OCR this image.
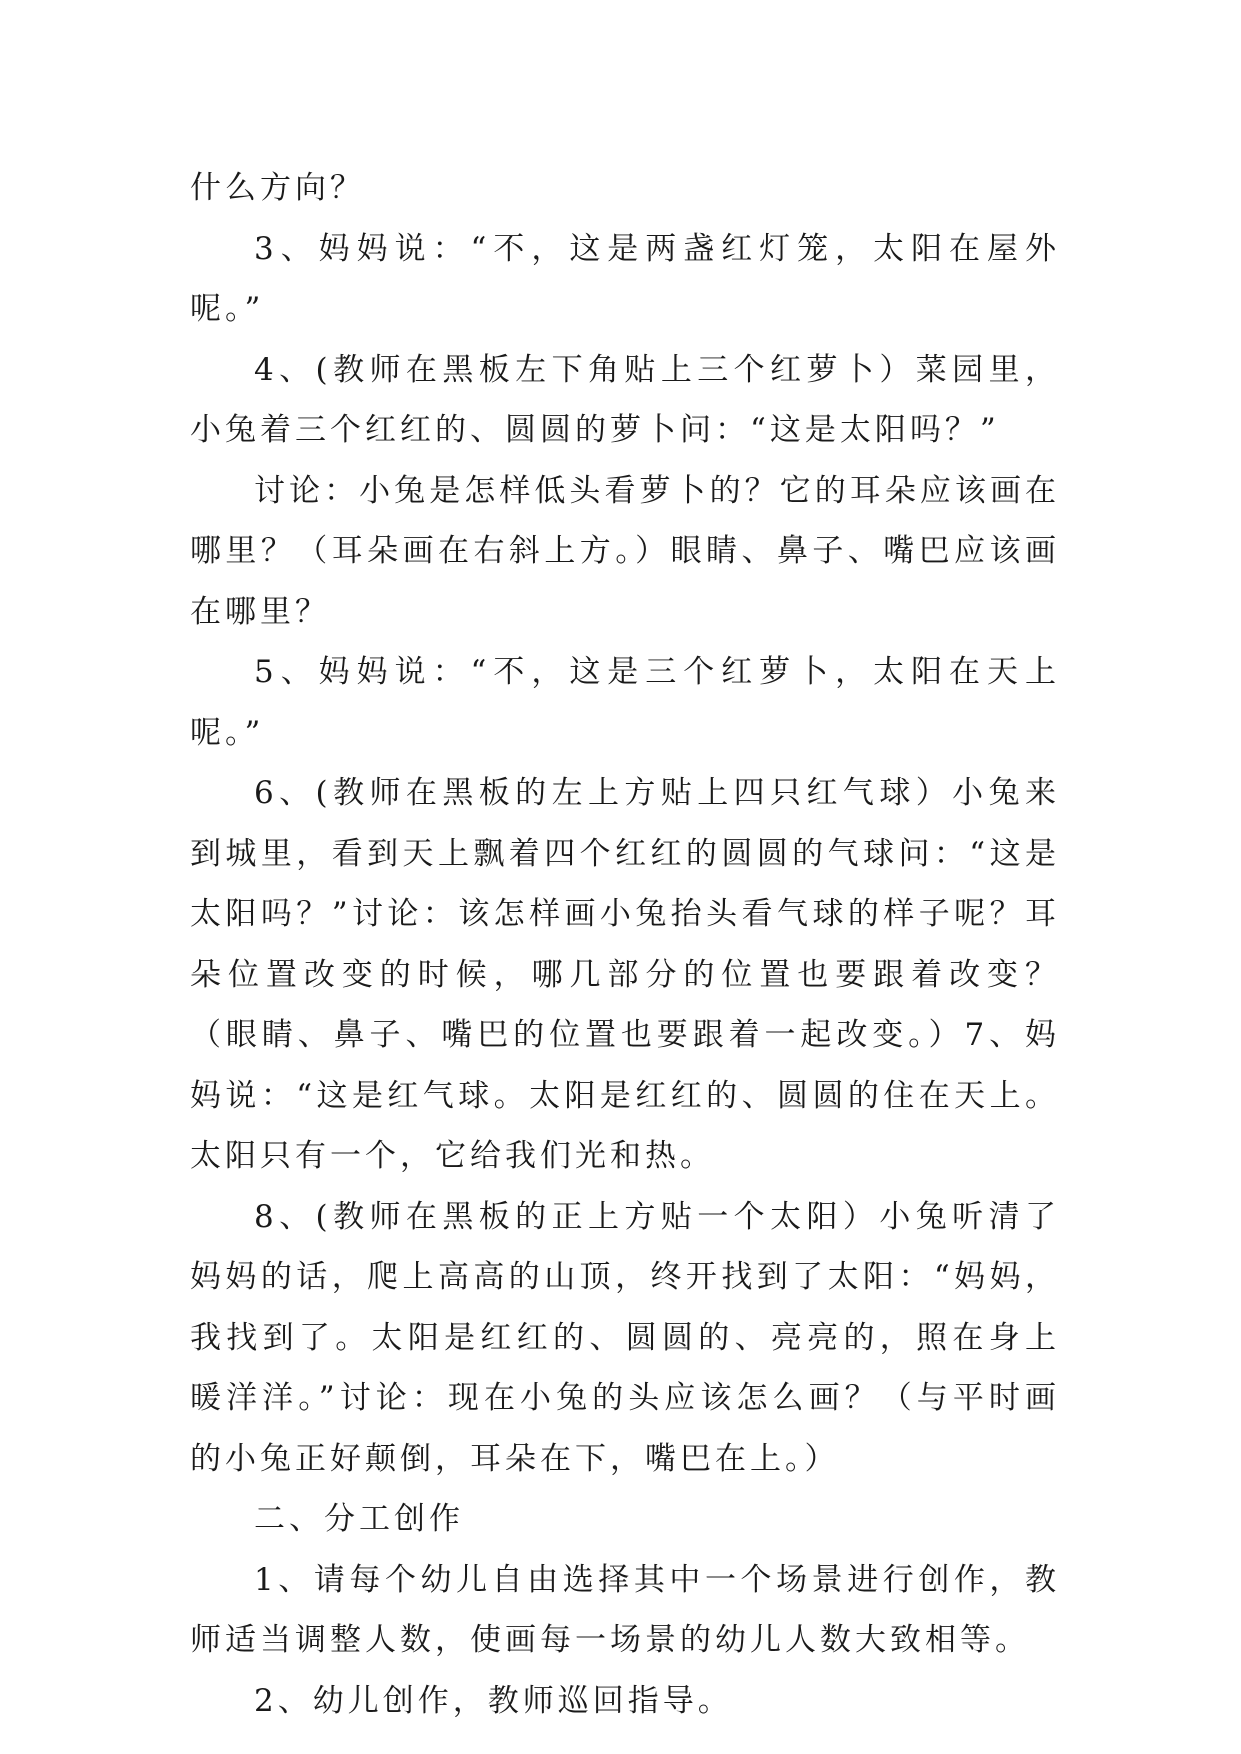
什么方向？

3、妈妈说：“不，这是两盏红灯笼，太阳在屋外呢。”

4、(教师在黑板左下角贴上三个红萝卜）菜园里，小兔着三个红红的、圆圆的萝卜问：“这是太阳吗？”

讨论：小兔是怎样低头看萝卜的？它的耳朵应该画在哪里？（耳朵画在右斜上方。）眼睛、鼻子、嘴巴应该画在哪里？

5、妈妈说：“不，这是三个红萝卜，太阳在天上呢。”

6、(教师在黑板的左上方贴上四只红气球）小兔来到城里，看到天上飘着四个红红的圆圆的气球问：“这是太阳吗？”讨论：该怎样画小兔抬头看气球的样子呢？耳朵位置改变的时候，哪几部分的位置也要跟着改变？（眼睛、鼻子、嘴巴的位置也要跟着一起改变。）7、妈妈说：“这是红气球。太阳是红红的、圆圆的住在天上。太阳只有一个，它给我们光和热。

8、(教师在黑板的正上方贴一个太阳）小兔听清了妈妈的话，爬上高高的山顶，终开找到了太阳：“妈妈，我找到了。太阳是红红的、圆圆的、亮亮的，照在身上暖洋洋。”讨论：现在小兔的头应该怎么画？（与平时画的小兔正好颠倒，耳朵在下，嘴巴在上。）

二、分工创作

1、请每个幼儿自由选择其中一个场景进行创作，教师适当调整人数，使画每一场景的幼儿人数大致相等。

2、幼儿创作，教师巡回指导。
